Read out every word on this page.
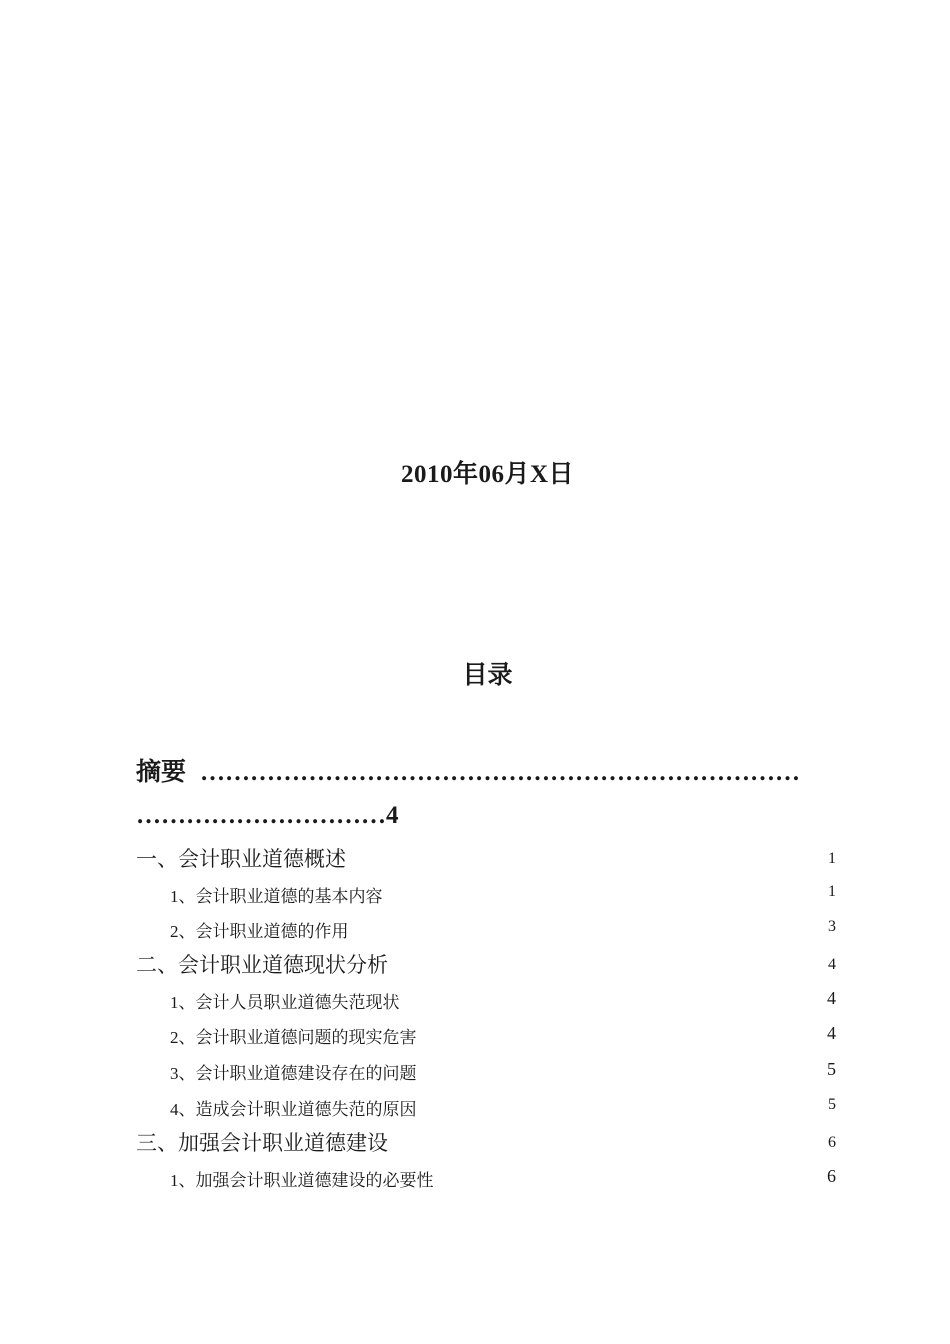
2010年06月X日
目录
摘要 ………………………………………………………………
…………………………4
一、会计职业道德概述	1
1、会计职业道德的基本内容	1
2、会计职业道德的作用	3
二、会计职业道德现状分析	4
1、会计人员职业道德失范现状	4
2、会计职业道德问题的现实危害	4
3、会计职业道德建设存在的问题	5
4、造成会计职业道德失范的原因	5
三、加强会计职业道德建设	6
1、加强会计职业道德建设的必要性	6
